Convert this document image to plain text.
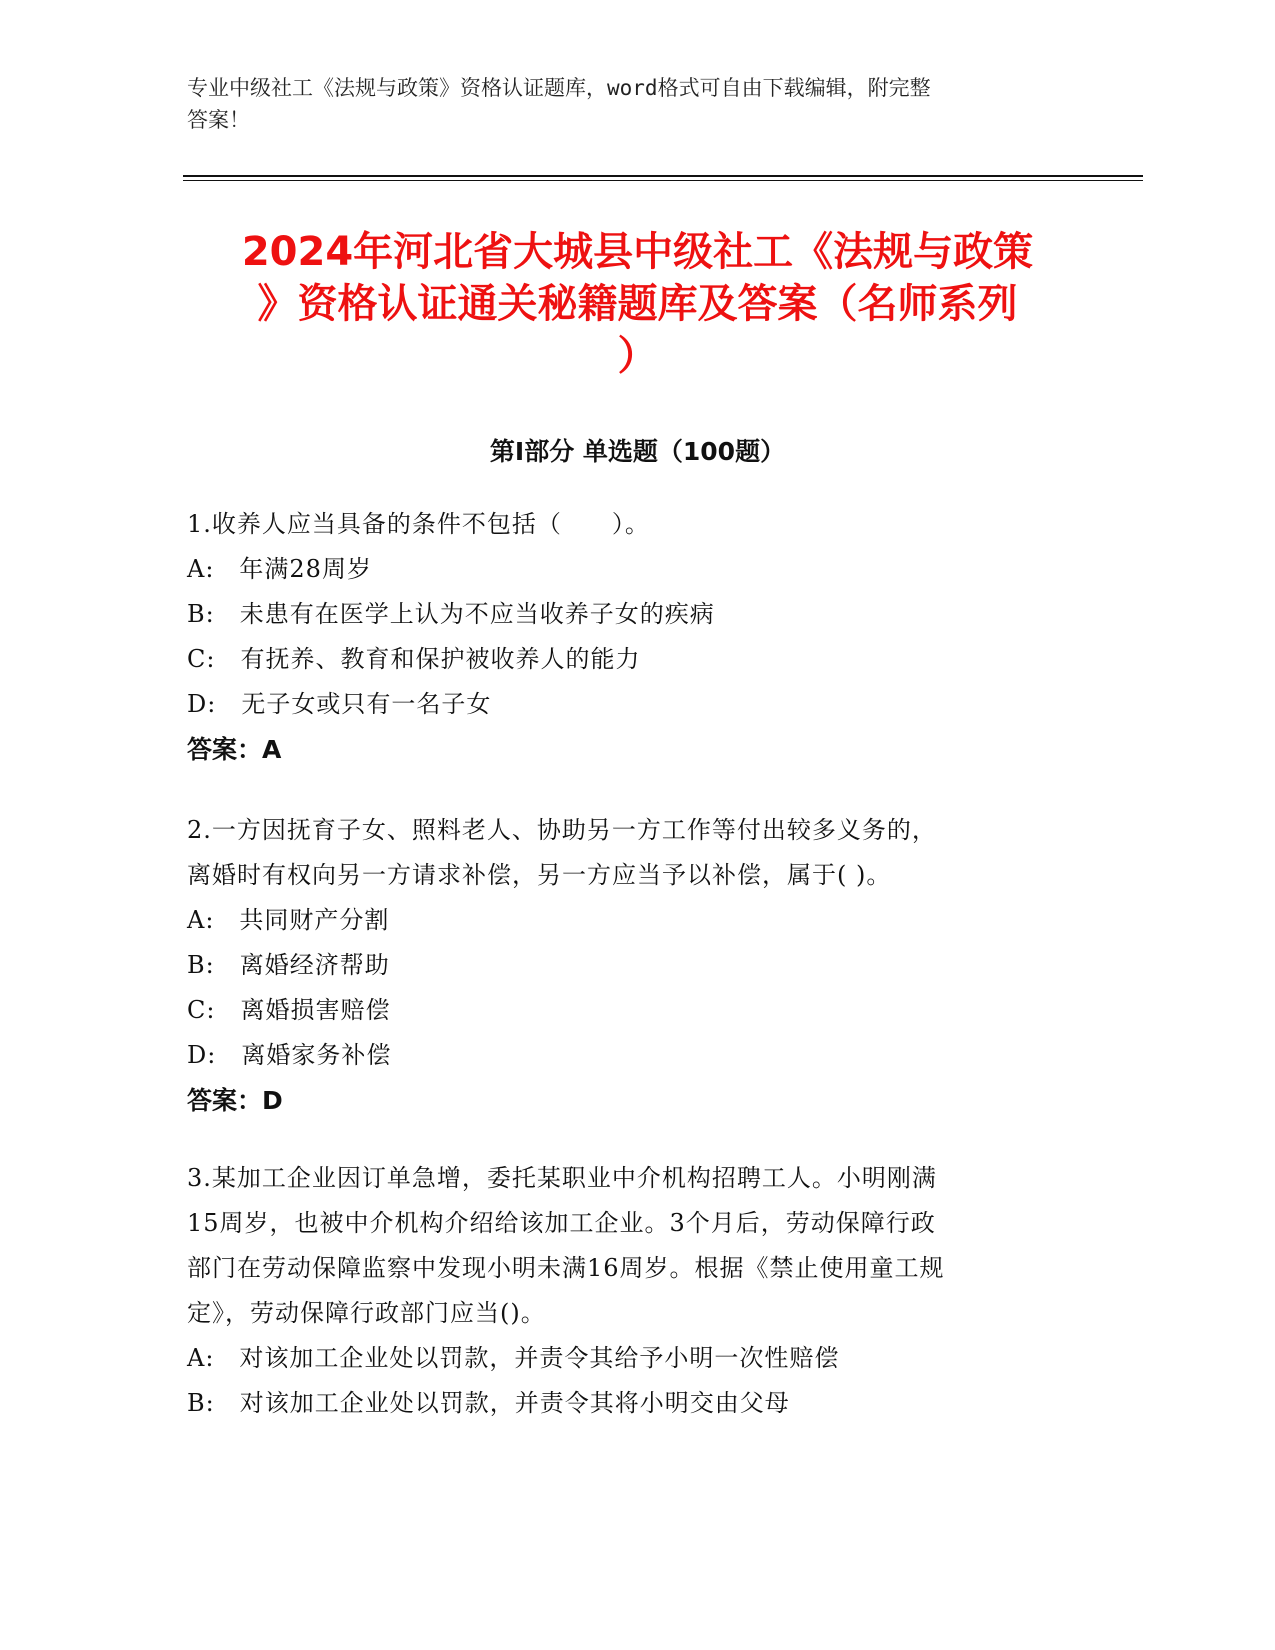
专业中级社工《法规与政策》资格认证题库，word格式可自由下载编辑，附完整
答案！
2024年河北省大城县中级社工《法规与政策
》资格认证通关秘籍题库及答案（名师系列
）
第I部分 单选题（100题）
1.收养人应当具备的条件不包括（　　）。
A:　年满28周岁
B:　未患有在医学上认为不应当收养子女的疾病
C:　有抚养、教育和保护被收养人的能力
D:　无子女或只有一名子女
答案：A
2.一方因抚育子女、照料老人、协助另一方工作等付出较多义务的，
离婚时有权向另一方请求补偿，另一方应当予以补偿，属于( )。
A:　共同财产分割
B:　离婚经济帮助
C:　离婚损害赔偿
D:　离婚家务补偿
答案：D
3.某加工企业因订单急增，委托某职业中介机构招聘工人。小明刚满
15周岁，也被中介机构介绍给该加工企业。3个月后，劳动保障行政
部门在劳动保障监察中发现小明未满16周岁。根据《禁止使用童工规
定》，劳动保障行政部门应当()。
A:　对该加工企业处以罚款，并责令其给予小明一次性赔偿
B:　对该加工企业处以罚款，并责令其将小明交由父母
